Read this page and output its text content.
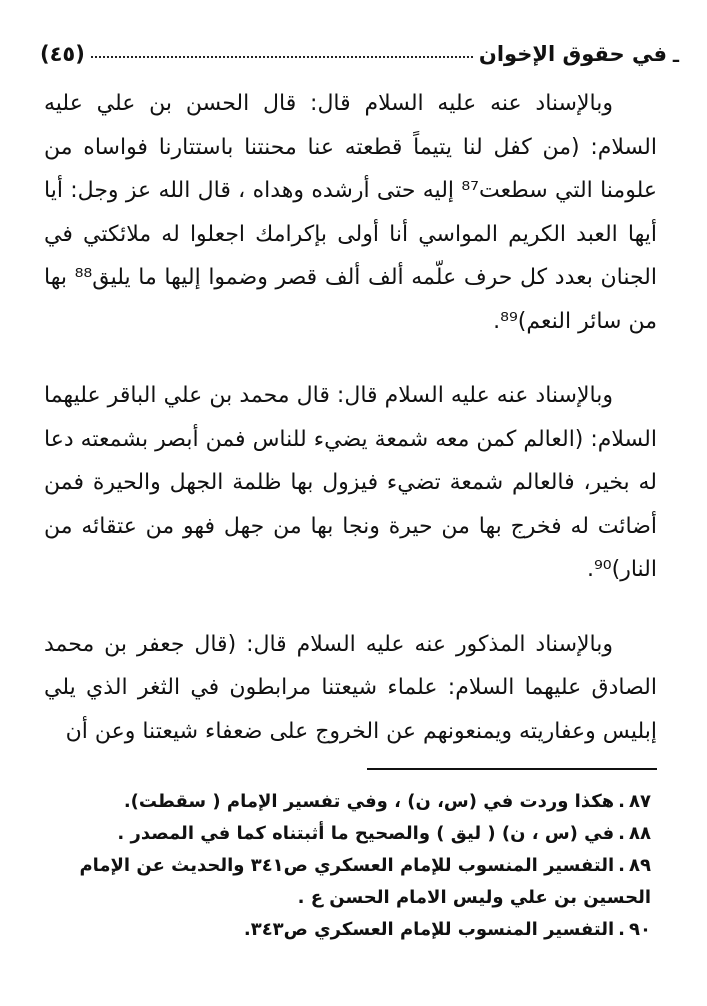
في حقوق الإخوان
(٤٥)	ـ

وبالإسناد عنه عليه السلام قال: قال الحسن بن علي عليه السلام: (من كفل لنا يتيماً قطعته عنا محنتنا باستتارنا فواساه من علومنا التي سطعت⁸⁷ إليه حتى أرشده وهداه ، قال الله عز وجل: أيا أيها العبد الكريم المواسي أنا أولى بإكرامك اجعلوا له ملائكتي في الجنان بعدد كل حرف علّمه ألف ألف قصر وضموا إليها ما يليق⁸⁸ بها من سائر النعم)⁸⁹.

وبالإسناد عنه عليه السلام قال: قال محمد بن علي الباقر عليهما السلام: (العالم كمن معه شمعة يضيء للناس فمن أبصر بشمعته دعا له بخير، فالعالم شمعة تضيء فيزول بها ظلمة الجهل والحيرة فمن أضائت له فخرج بها من حيرة ونجا بها من جهل فهو من عتقائه من النار)⁹⁰.

وبالإسناد المذكور عنه عليه السلام قال: (قال جعفر بن محمد الصادق عليهما السلام: علماء شيعتنا مرابطون في الثغر الذي يلي إبليس وعفاريته ويمنعونهم عن الخروج على ضعفاء شيعتنا وعن أن

٨٧.هكذا وردت في (س، ن) ، وفي تفسير الإمام ( سقطت).

٨٨.في (س ، ن) ( ليق ) والصحيح ما أثبتناه كما في المصدر .

٨٩.التفسير المنسوب للإمام العسكري ص٣٤١ والحديث عن الإمام الحسين بن علي وليس الامام الحسن ع .

٩٠.التفسير المنسوب للإمام العسكري ص٣٤٣.
